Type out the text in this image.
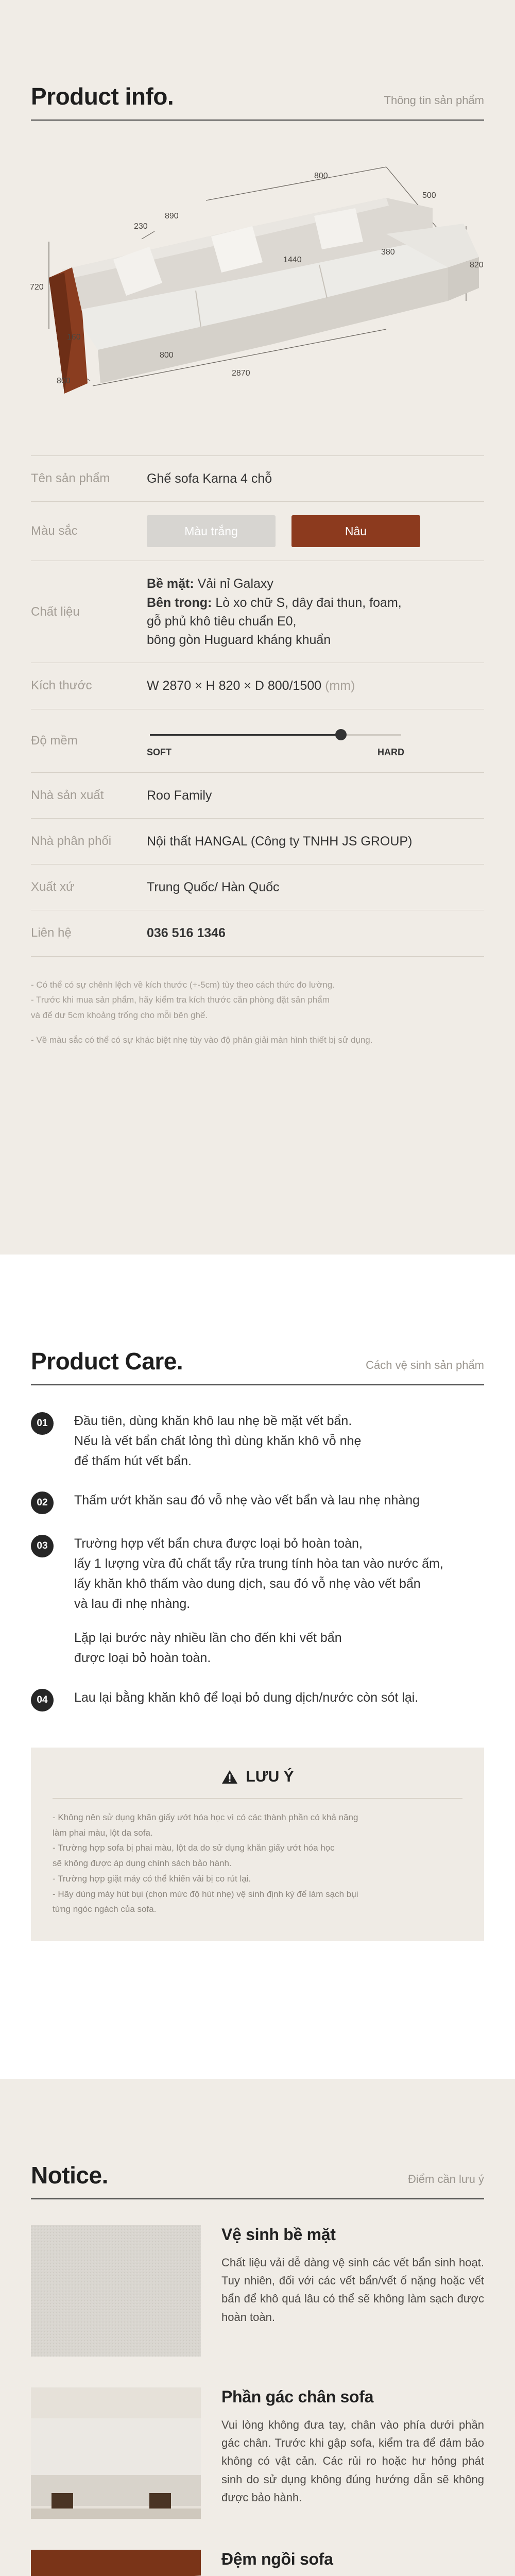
Product info.	Thông tin sản phẩm
800
500
720
820
890
230
1440
380
160
800
800
2870
Tên sản phẩm	Ghế sofa Karna 4 chỗ
Màu sắc	Màu trắng	Nâu
Chất liệu
Bề mặt: Vải nỉ Galaxy
Bên trong: Lò xo chữ S, dây đai thun, foam,
gỗ phủ khô tiêu chuẩn E0,
bông gòn Huguard kháng khuẩn
Kích thước	W 2870 × H 820 × D 800/1500 (mm)
Độ mềm
SOFT	HARD
Nhà sản xuất	Roo Family
Nhà phân phối	Nội thất HANGAL (Công ty TNHH JS GROUP)
Xuất xứ	Trung Quốc/ Hàn Quốc
Liên hệ	036 516 1346
- Có thể có sự chênh lệch về kích thước (+-5cm) tùy theo cách thức đo lường.
- Trước khi mua sản phẩm, hãy kiểm tra kích thước căn phòng đặt sản phẩm
và để dư 5cm khoảng trống cho mỗi bên ghế.
- Về màu sắc có thể có sự khác biệt nhẹ tùy vào độ phân giải màn hình thiết bị sử dụng.
Product Care.	Cách vệ sinh sản phẩm
01	Đầu tiên, dùng khăn khô lau nhẹ bề mặt vết bẩn.

Nếu là vết bẩn chất lỏng thì dùng khăn khô vỗ nhẹ

để thấm hút vết bẩn.

02	Thấm ướt khăn sau đó vỗ nhẹ vào vết bẩn và lau nhẹ nhàng

03	Trường hợp vết bẩn chưa được loại bỏ hoàn toàn,

lấy 1 lượng vừa đủ chất tẩy rửa trung tính hòa tan vào nước ấm,

lấy khăn khô thấm vào dung dịch, sau đó vỗ nhẹ vào vết bẩn

và lau đi nhẹ nhàng.

Lặp lại bước này nhiều lần cho đến khi vết bẩn

được loại bỏ hoàn toàn.

04	Lau lại bằng khăn khô để loại bỏ dung dịch/nước còn sót lại.

LƯU Ý
- Không nên sử dụng khăn giấy ướt hóa học vì có các thành phần có khả năng
làm phai màu, lột da sofa.
- Trường hợp sofa bị phai màu, lột da do sử dụng khăn giấy ướt hóa học
sẽ không được áp dụng chính sách bảo hành.
- Trường hợp giặt máy có thể khiến vải bị co rút lại.
- Hãy dùng máy hút bụi (chọn mức độ hút nhẹ) vệ sinh định kỳ để làm sạch bụi
từng ngóc ngách của sofa.
Notice.	Điểm cần lưu ý
Vệ sinh bề mặt
Chất liệu vải dễ dàng vệ sinh các vết bẩn sinh hoạt. Tuy nhiên, đối với các vết bẩn/vết ố nặng hoặc vết bẩn để khô quá lâu có thể sẽ không làm sạch được hoàn toàn.
Phần gác chân sofa
Vui lòng không đưa tay, chân vào phía dưới phần gác chân. Trước khi gập sofa, kiểm tra để đảm bảo không có vật cản. Các rủi ro hoặc hư hỏng phát sinh do sử dụng không đúng hướng dẫn sẽ không được bảo hành.
Đệm ngồi sofa
